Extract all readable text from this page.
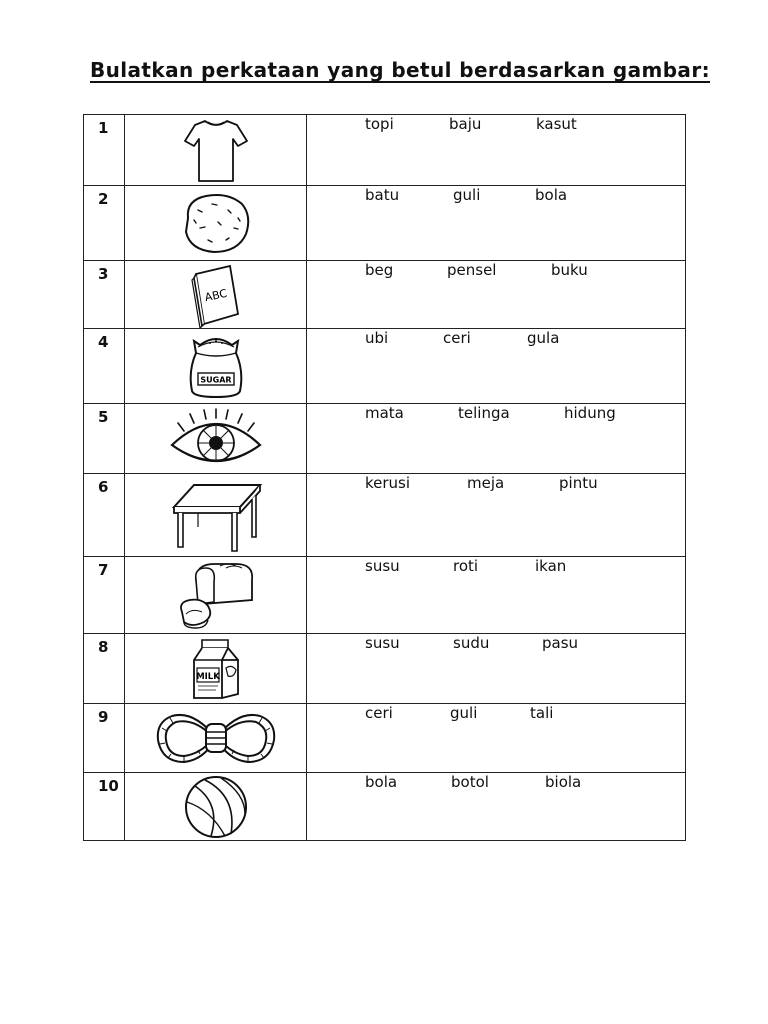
Bulatkan perkataan yang betul berdasarkan gambar:
1		topi baju kasut

2		batu guli bola

3	ABC	beg pensel buku

4	SUGAR	ubi ceri gula

5		mata telinga hidung

6		kerusi meja pintu

7		susu roti ikan

8	MILK	susu sudu pasu

9		ceri guli tali

10		bola botol biola
